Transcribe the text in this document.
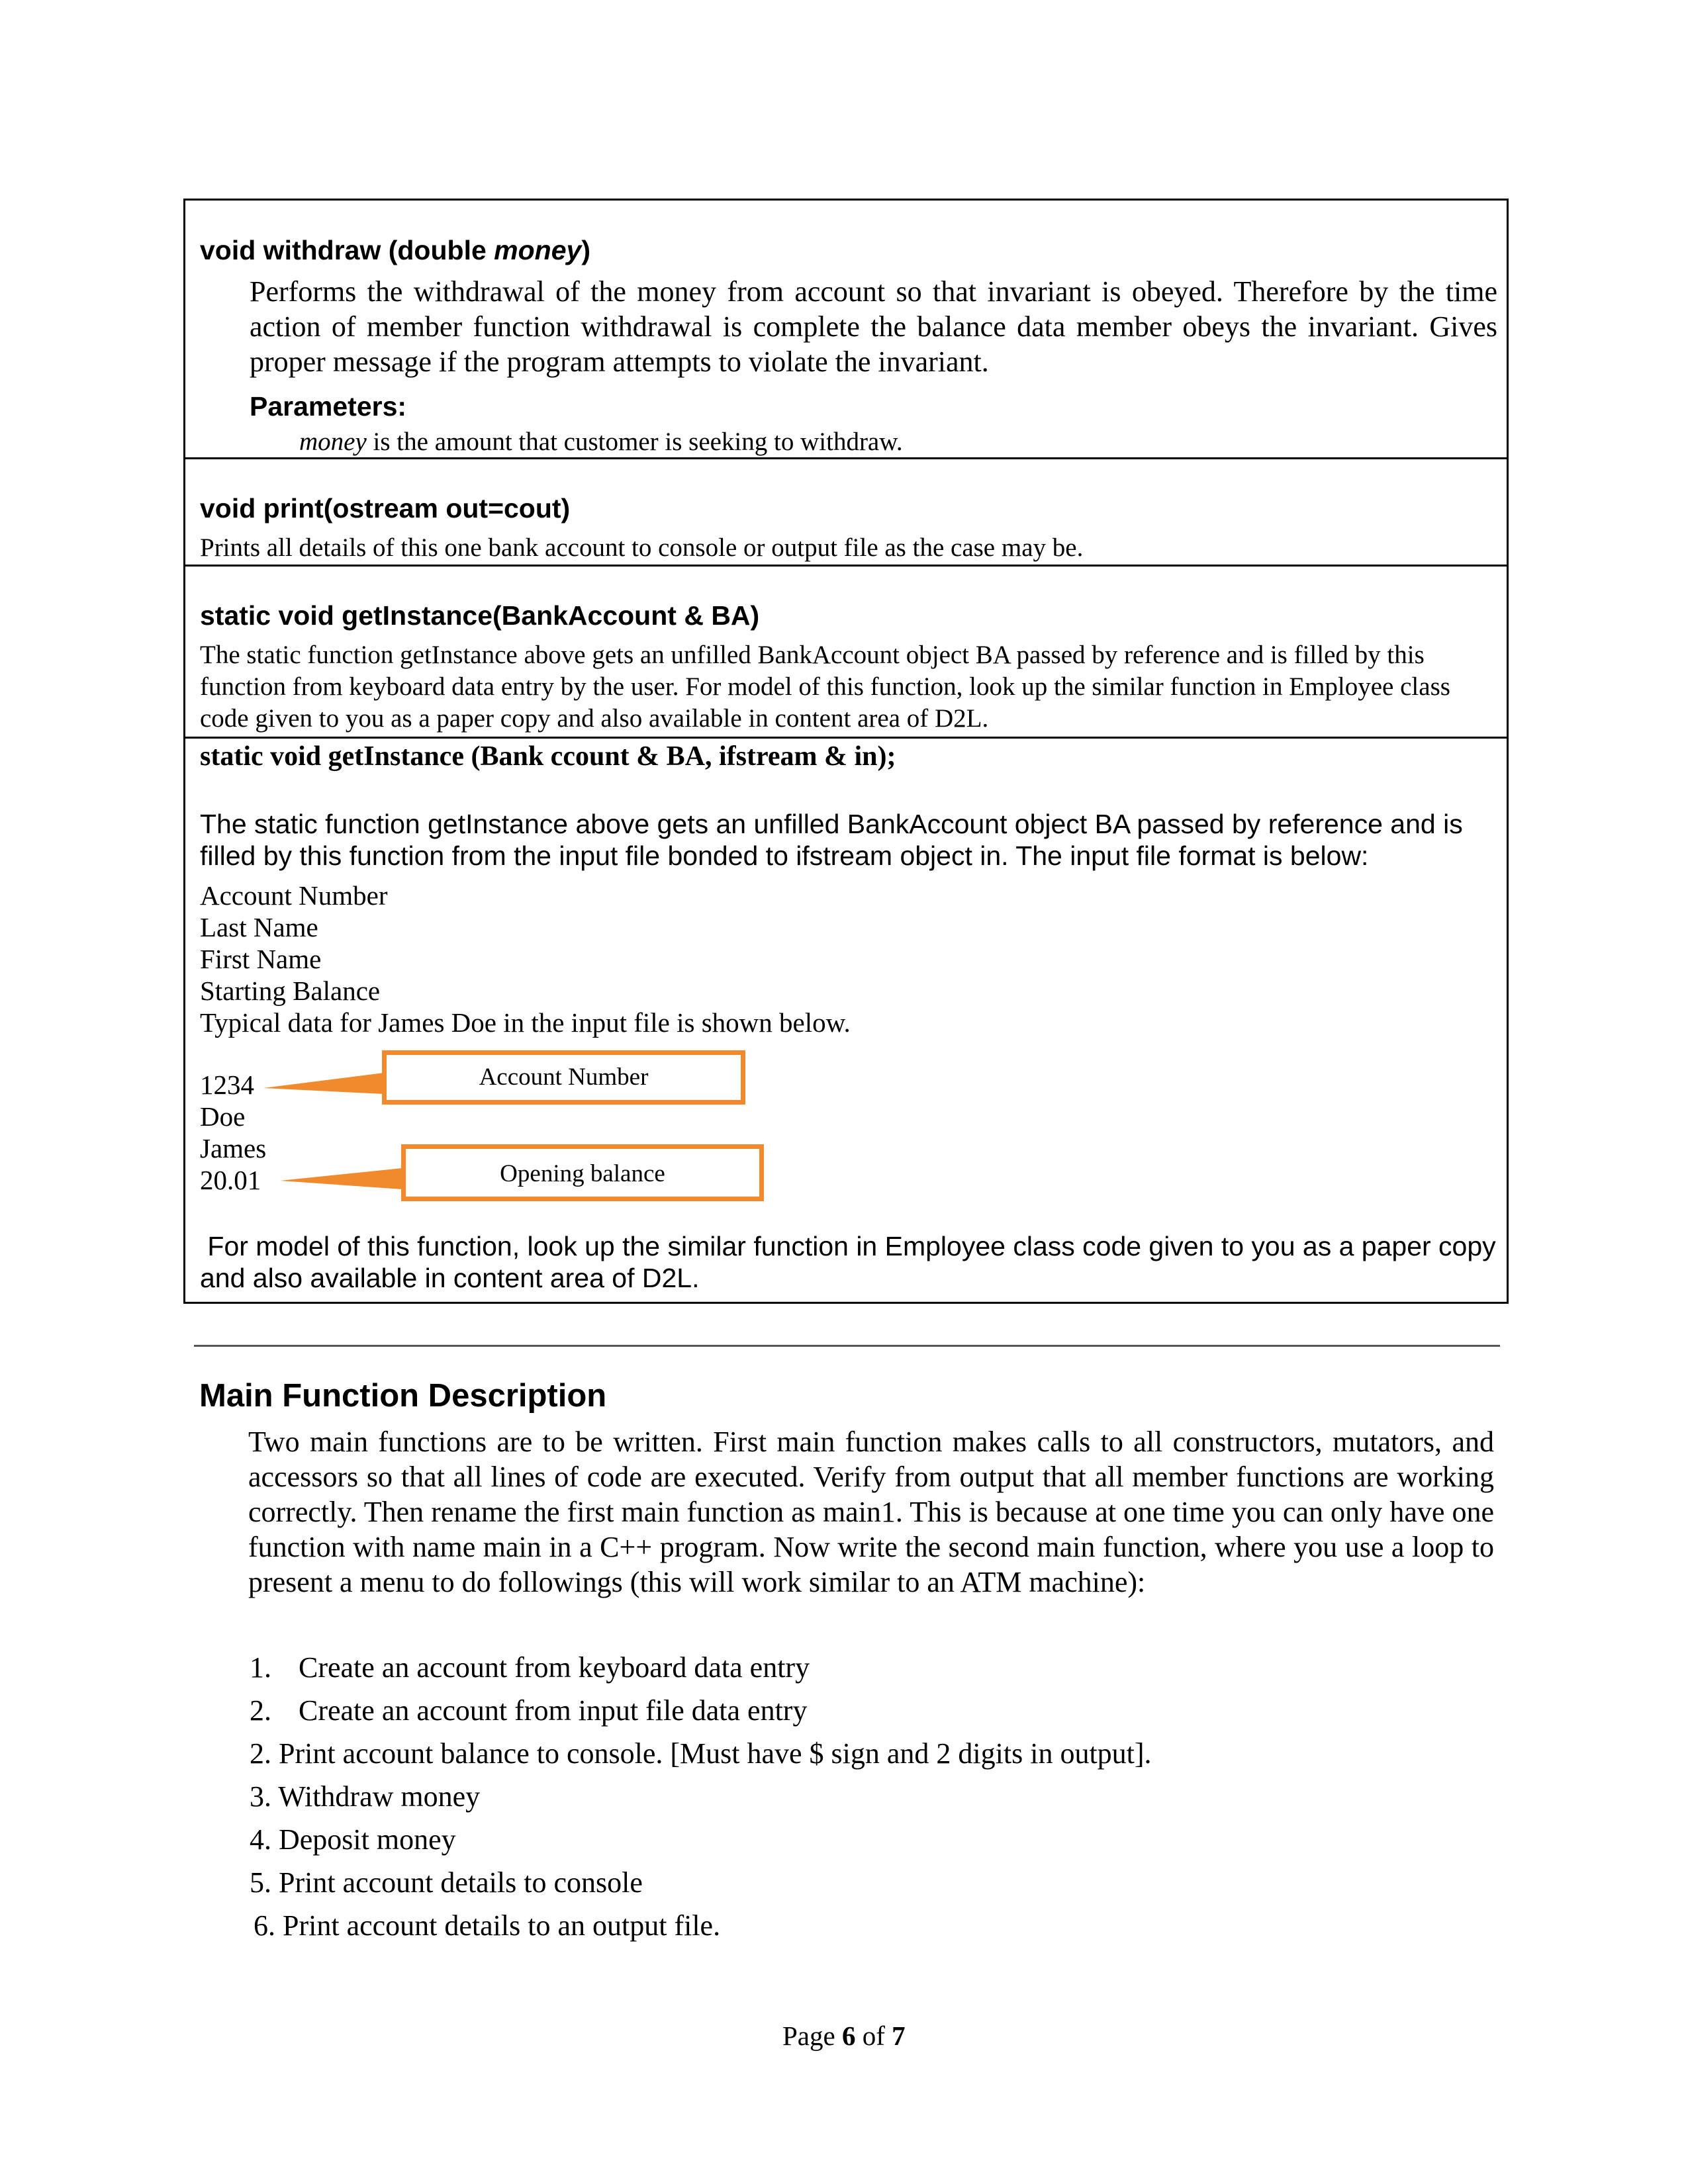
void withdraw (double money)
Performs the withdrawal of the money from account so that invariant is obeyed. Therefore by the time action of member function withdrawal is complete the balance data member obeys the invariant. Gives proper message if the program attempts to violate the invariant.
Parameters:
money is the amount that customer is seeking to withdraw.
void print(ostream out=cout)
Prints all details of this one bank account to console or output file as the case may be.
static void getInstance(BankAccount & BA)
The static function getInstance above gets an unfilled BankAccount object BA passed by reference and is filled by this function from keyboard data entry by the user. For model of this function, look up the similar function in Employee class code given to you as a paper copy and also available in content area of D2L.
static void getInstance (Bank ccount & BA, ifstream & in);
The static function getInstance above gets an unfilled BankAccount object BA passed by reference and is filled by this function from the input file bonded to ifstream object in. The input file format is below:
Account Number
Last Name
First Name
Starting Balance
Typical data for James Doe in the input file is shown below.
1234
Doe
James
20.01
Account Number
Opening balance
For model of this function, look up the similar function in Employee class code given to you as a paper copy and also available in content area of D2L.
Main Function Description
Two main functions are to be written. First main function makes calls to all constructors, mutators, and accessors so that all lines of code are executed. Verify from output that all member functions are working correctly. Then rename the first main function as main1. This is because at one time you can only have one function with name main in a C++ program. Now write the second main function, where you use a loop to present a menu to do followings (this will work similar to an ATM machine):
1. Create an account from keyboard data entry
2. Create an account from input file data entry
2. Print account balance to console. [Must have $ sign and 2 digits in output].
3. Withdraw money
4. Deposit money
5. Print account details to console
6. Print account details to an output file.
Page 6 of 7
